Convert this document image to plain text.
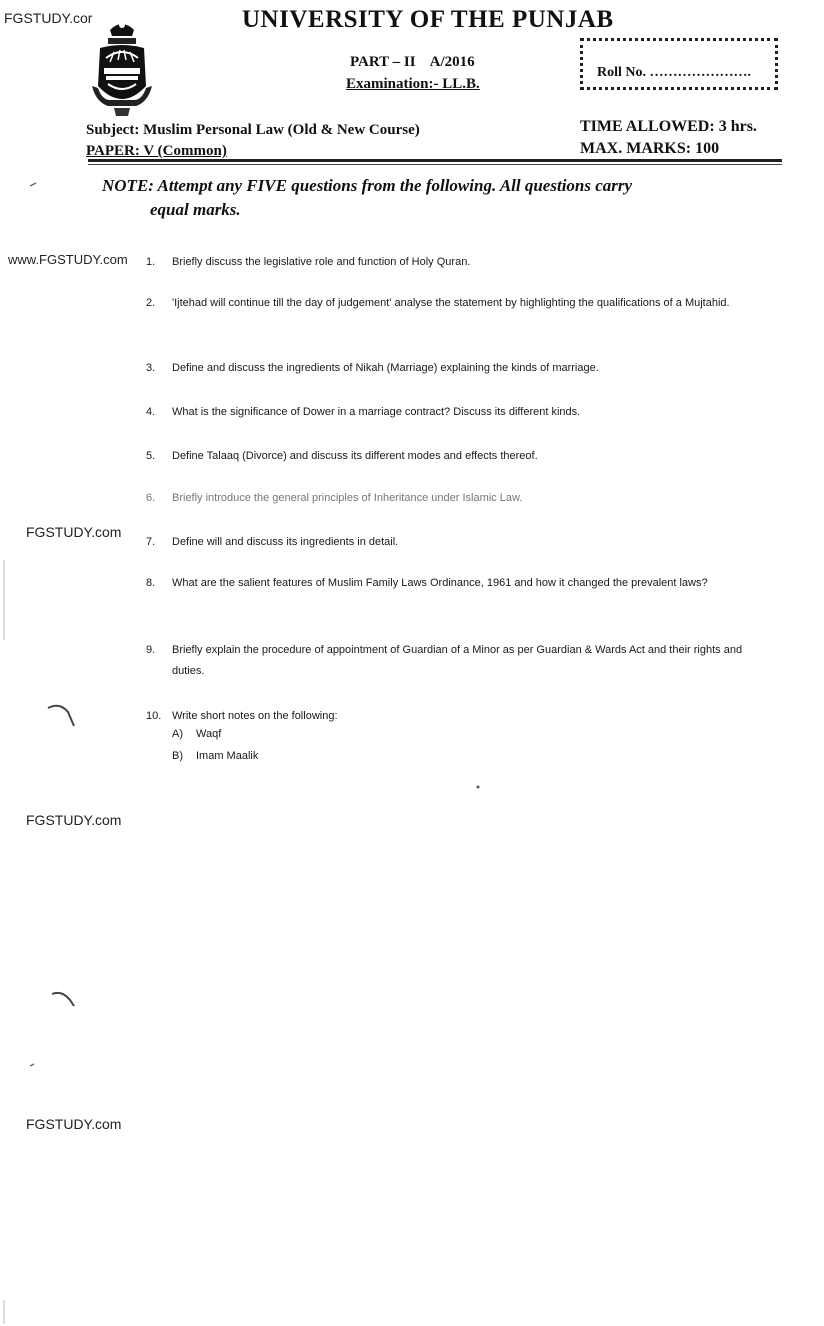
FGSTUDY.cor
www.FGSTUDY.com
FGSTUDY.com
FGSTUDY.com
FGSTUDY.com
UNIVERSITY OF THE PUNJAB
PART – II A/2016
Examination:- LL.B.
Roll No. ………………….
Subject: Muslim Personal Law (Old & New Course)
PAPER: V (Common)
TIME ALLOWED: 3 hrs.
MAX. MARKS: 100
NOTE: Attempt any FIVE questions from the following. All questions carry
equal marks.
1.	Briefly discuss the legislative role and function of Holy Quran.
2.	'Ijtehad will continue till the day of judgement' analyse the statement by highlighting the qualifications of a Mujtahid.
3.	Define and discuss the ingredients of Nikah (Marriage) explaining the kinds of marriage.
4.	What is the significance of Dower in a marriage contract? Discuss its different kinds.
5.	Define Talaaq (Divorce) and discuss its different modes and effects thereof.
6.	Briefly introduce the general principles of Inheritance under Islamic Law.
7.	Define will and discuss its ingredients in detail.
8.	What are the salient features of Muslim Family Laws Ordinance, 1961 and how it changed the prevalent laws?
9.	Briefly explain the procedure of appointment of Guardian of a Minor as per Guardian & Wards Act and their rights and duties.
10. Write short notes on the following:
A) Waqf
B) Imam Maalik
